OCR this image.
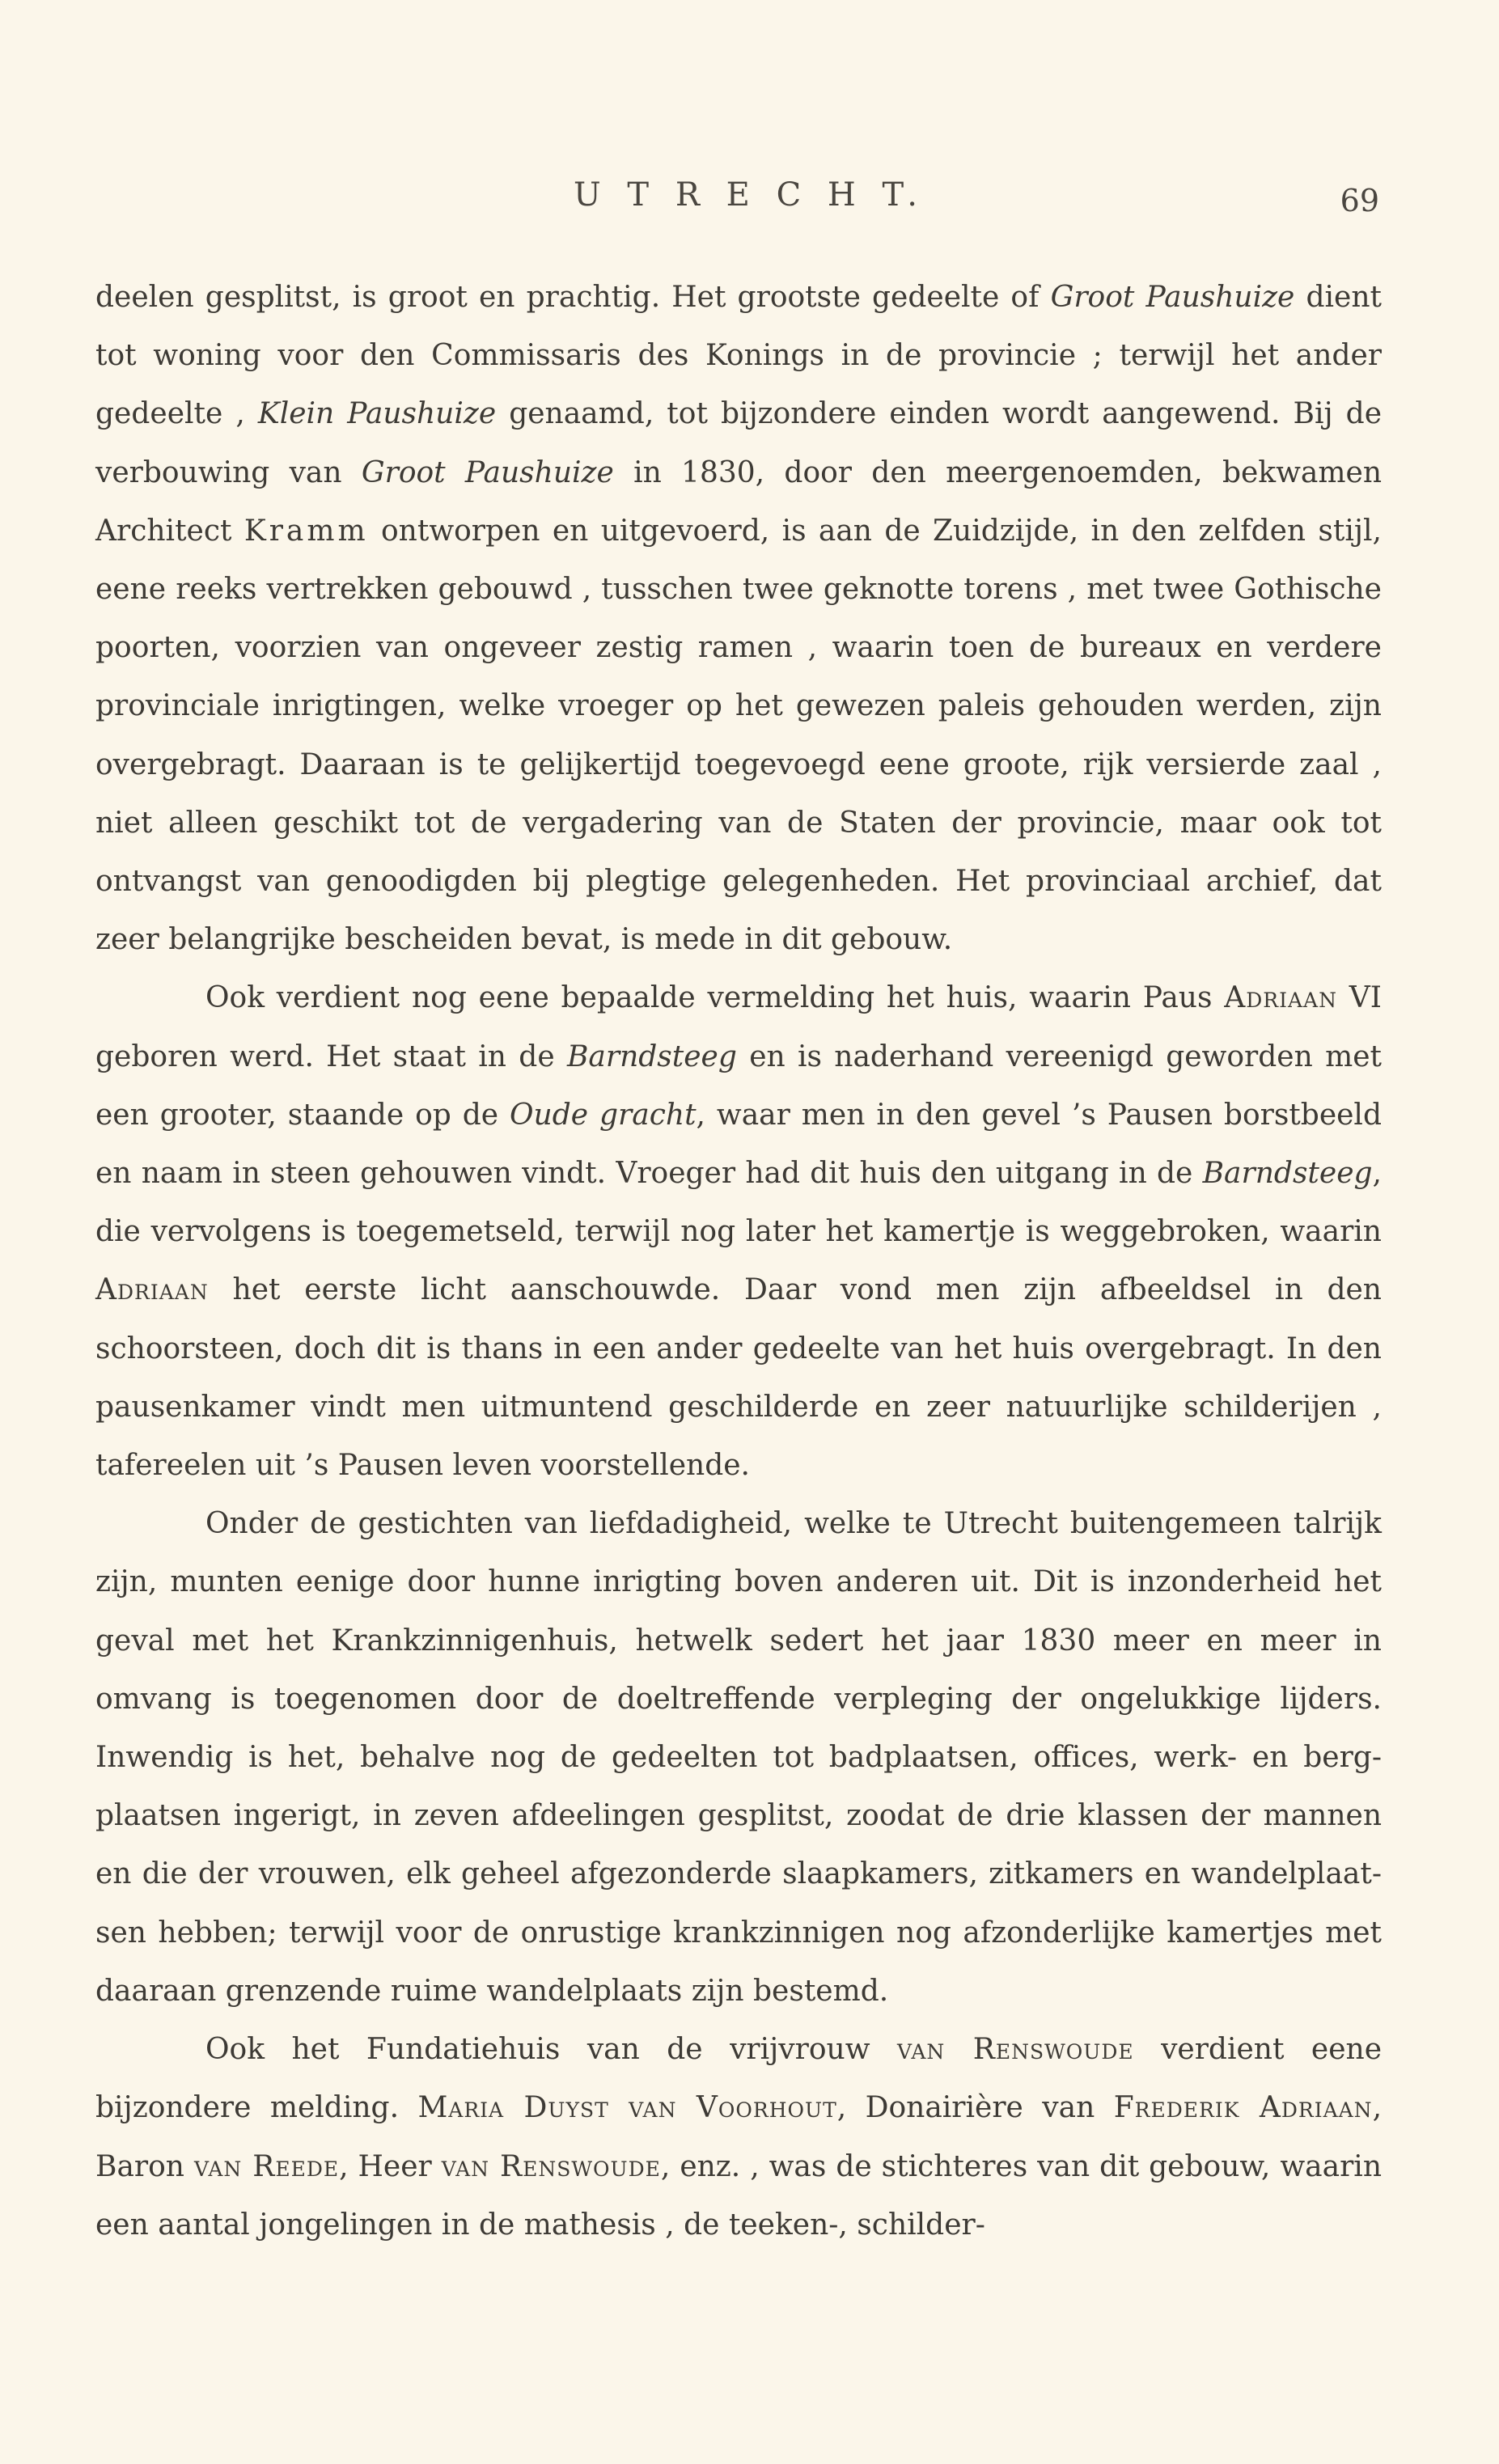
U T R E C H T.	69

deelen gesplitst, is groot en prachtig. Het grootste gedeelte of Groot Paushuize dient tot woning voor den Commissaris des Konings in de provincie ; terwijl het ander gedeelte , Klein Paushuize genaamd, tot bijzondere einden wordt aangewend. Bij de verbouwing van Groot Paushuize in 1830, door den meergenoemden, bekwamen Architect Kramm ontworpen en uitgevoerd, is aan de Zuidzijde, in den zelfden stijl, eene reeks vertrekken gebouwd , tusschen twee geknotte torens , met twee Gothische poorten, voorzien van ongeveer zestig ramen , waarin toen de bureaux en verdere provinciale inrigtingen, welke vroeger op het gewezen paleis gehouden werden, zijn overgebragt. Daaraan is te gelijkertijd toegevoegd eene groote, rijk versierde zaal , niet alleen geschikt tot de vergadering van de Staten der provincie, maar ook tot ontvangst van genoodigden bij plegtige gelegenheden. Het provinciaal archief, dat zeer belangrijke bescheiden bevat, is mede in dit gebouw.

Ook verdient nog eene bepaalde vermelding het huis, waarin Paus Adriaan VI geboren werd. Het staat in de Barndsteeg en is naderhand vereenigd geworden met een grooter, staande op de Oude gracht, waar men in den gevel ’s Pausen borstbeeld en naam in steen gehouwen vindt. Vroeger had dit huis den uitgang in de Barndsteeg, die vervolgens is toegemetseld, terwijl nog later het kamertje is weggebroken, waarin Adriaan het eerste licht aanschouwde. Daar vond men zijn afbeeldsel in den schoorsteen, doch dit is thans in een ander gedeelte van het huis overgebragt. In den pausenkamer vindt men uitmuntend geschilderde en zeer natuurlijke schilderijen , tafereelen uit ’s Pausen leven voorstellende.

Onder de gestichten van liefdadigheid, welke te Utrecht buitengemeen talrijk zijn, munten eenige door hunne inrigting boven anderen uit. Dit is inzonderheid het geval met het Krankzinnigenhuis, hetwelk sedert het jaar 1830 meer en meer in omvang is toegenomen door de doeltreffende verpleging der ongelukkige lijders. Inwendig is het, behalve nog de gedeelten tot badplaatsen, offices, werk- en berg-plaatsen ingerigt, in zeven afdeelingen gesplitst, zoodat de drie klassen der mannen en die der vrouwen, elk geheel afgezonderde slaapkamers, zitkamers en wandelplaat-sen hebben; terwijl voor de onrustige krankzinnigen nog afzonderlijke kamertjes met daaraan grenzende ruime wandelplaats zijn bestemd.

Ook het Fundatiehuis van de vrijvrouw van Renswoude verdient eene bijzondere melding. Maria Duyst van Voorhout, Donairière van Frederik Adriaan, Baron van Reede, Heer van Renswoude, enz. , was de stichteres van dit gebouw, waarin een aantal jongelingen in de mathesis , de teeken-, schilder-
